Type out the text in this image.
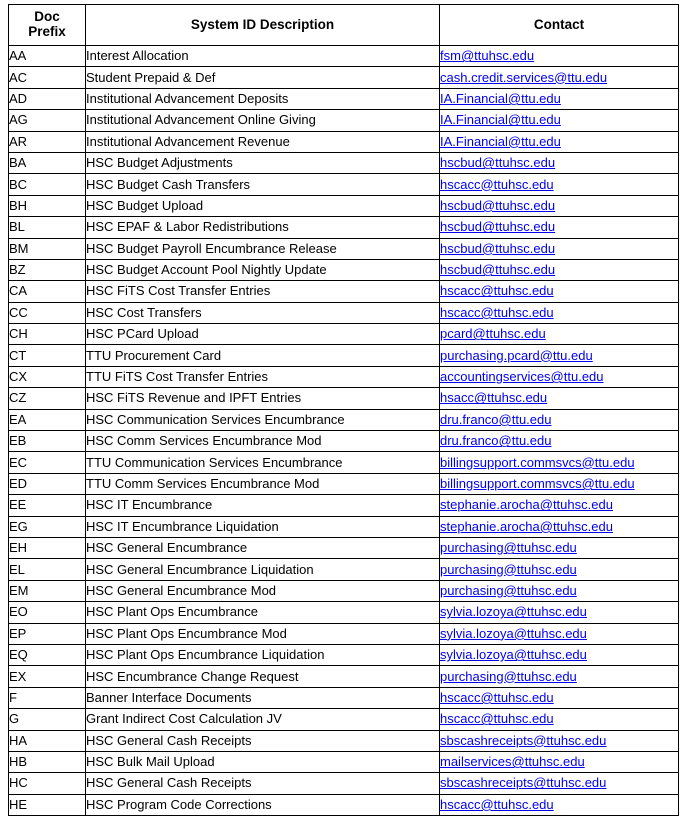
Doc
Prefix	System ID Description	Contact
AA	Interest Allocation	fsm@ttuhsc.edu
AC	Student Prepaid & Def	cash.credit.services@ttu.edu
AD	Institutional Advancement Deposits	IA.Financial@ttu.edu
AG	Institutional Advancement Online Giving	IA.Financial@ttu.edu
AR	Institutional Advancement Revenue	IA.Financial@ttu.edu
BA	HSC Budget Adjustments	hscbud@ttuhsc.edu
BC	HSC Budget Cash Transfers	hscacc@ttuhsc.edu
BH	HSC Budget Upload	hscbud@ttuhsc.edu
BL	HSC EPAF & Labor Redistributions	hscbud@ttuhsc.edu
BM	HSC Budget Payroll Encumbrance Release	hscbud@ttuhsc.edu
BZ	HSC Budget Account Pool Nightly Update	hscbud@ttuhsc.edu
CA	HSC FiTS Cost Transfer Entries	hscacc@ttuhsc.edu
CC	HSC Cost Transfers	hscacc@ttuhsc.edu
CH	HSC PCard Upload	pcard@ttuhsc.edu
CT	TTU Procurement Card	purchasing.pcard@ttu.edu
CX	TTU FiTS Cost Transfer Entries	accountingservices@ttu.edu
CZ	HSC FiTS Revenue and IPFT Entries	hsacc@ttuhsc.edu
EA	HSC Communication Services Encumbrance	dru.franco@ttu.edu
EB	HSC Comm Services Encumbrance Mod	dru.franco@ttu.edu
EC	TTU Communication Services Encumbrance	billingsupport.commsvcs@ttu.edu
ED	TTU Comm Services Encumbrance Mod	billingsupport.commsvcs@ttu.edu
EE	HSC IT Encumbrance	stephanie.arocha@ttuhsc.edu
EG	HSC IT Encumbrance Liquidation	stephanie.arocha@ttuhsc.edu
EH	HSC General Encumbrance	purchasing@ttuhsc.edu
EL	HSC General Encumbrance Liquidation	purchasing@ttuhsc.edu
EM	HSC General Encumbrance Mod	purchasing@ttuhsc.edu
EO	HSC Plant Ops Encumbrance	sylvia.lozoya@ttuhsc.edu
EP	HSC Plant Ops Encumbrance Mod	sylvia.lozoya@ttuhsc.edu
EQ	HSC Plant Ops Encumbrance Liquidation	sylvia.lozoya@ttuhsc.edu
EX	HSC Encumbrance Change Request	purchasing@ttuhsc.edu
F	Banner Interface Documents	hscacc@ttuhsc.edu
G	Grant Indirect Cost Calculation JV	hscacc@ttuhsc.edu
HA	HSC General Cash Receipts	sbscashreceipts@ttuhsc.edu
HB	HSC Bulk Mail Upload	mailservices@ttuhsc.edu
HC	HSC General Cash Receipts	sbscashreceipts@ttuhsc.edu
HE	HSC Program Code Corrections	hscacc@ttuhsc.edu
